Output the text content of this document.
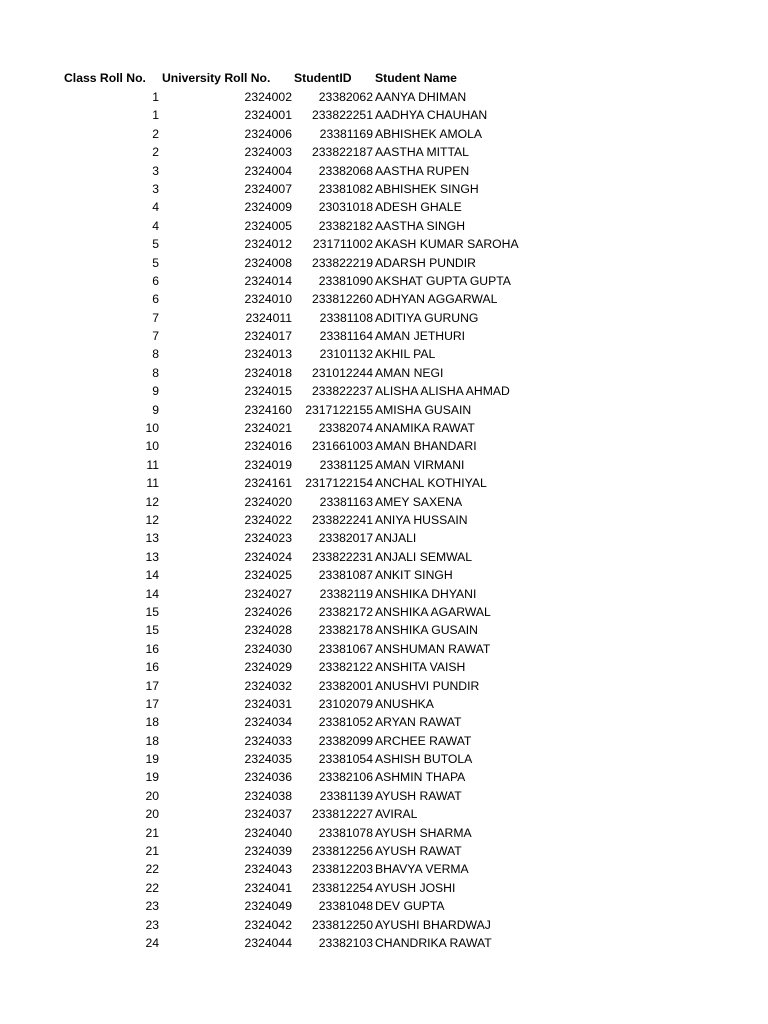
Class Roll No. University Roll No. StudentID Student Name
1	2324002 23382062 AANYA DHIMAN
1	2324001 233822251 AADHYA CHAUHAN
2	2324006 23381169 ABHISHEK AMOLA
2	2324003 233822187 AASTHA MITTAL
3	2324004 23382068 AASTHA RUPEN
3	2324007 23381082 ABHISHEK SINGH
4	2324009 23031018 ADESH GHALE
4	2324005 23382182 AASTHA SINGH
5	2324012 231711002 AKASH KUMAR SAROHA
5	2324008 233822219 ADARSH PUNDIR
6	2324014 23381090 AKSHAT GUPTA GUPTA
6	2324010 233812260 ADHYAN AGGARWAL
7	2324011 23381108 ADITIYA GURUNG
7	2324017 23381164 AMAN JETHURI
8	2324013 23101132 AKHIL PAL
8	2324018 231012244 AMAN NEGI
9	2324015 233822237 ALISHA ALISHA AHMAD
9	2324160 2317122155 AMISHA GUSAIN
10	2324021 23382074 ANAMIKA RAWAT
10	2324016 231661003 AMAN BHANDARI
11	2324019 23381125 AMAN VIRMANI
11	2324161 2317122154 ANCHAL KOTHIYAL
12	2324020 23381163 AMEY SAXENA
12	2324022 233822241 ANIYA HUSSAIN
13	2324023 23382017 ANJALI
13	2324024 233822231 ANJALI SEMWAL
14	2324025 23381087 ANKIT SINGH
14	2324027 23382119 ANSHIKA DHYANI
15	2324026 23382172 ANSHIKA AGARWAL
15	2324028 23382178 ANSHIKA GUSAIN
16	2324030 23381067 ANSHUMAN RAWAT
16	2324029 23382122 ANSHITA VAISH
17	2324032 23382001 ANUSHVI PUNDIR
17	2324031 23102079 ANUSHKA
18	2324034 23381052 ARYAN RAWAT
18	2324033 23382099 ARCHEE RAWAT
19	2324035 23381054 ASHISH BUTOLA
19	2324036 23382106 ASHMIN THAPA
20	2324038 23381139 AYUSH RAWAT
20	2324037 233812227 AVIRAL
21	2324040 23381078 AYUSH SHARMA
21	2324039 233812256 AYUSH RAWAT
22	2324043 233812203 BHAVYA VERMA
22	2324041 233812254 AYUSH JOSHI
23	2324049 23381048 DEV GUPTA
23	2324042 233812250 AYUSHI BHARDWAJ
24	2324044 23382103 CHANDRIKA RAWAT
